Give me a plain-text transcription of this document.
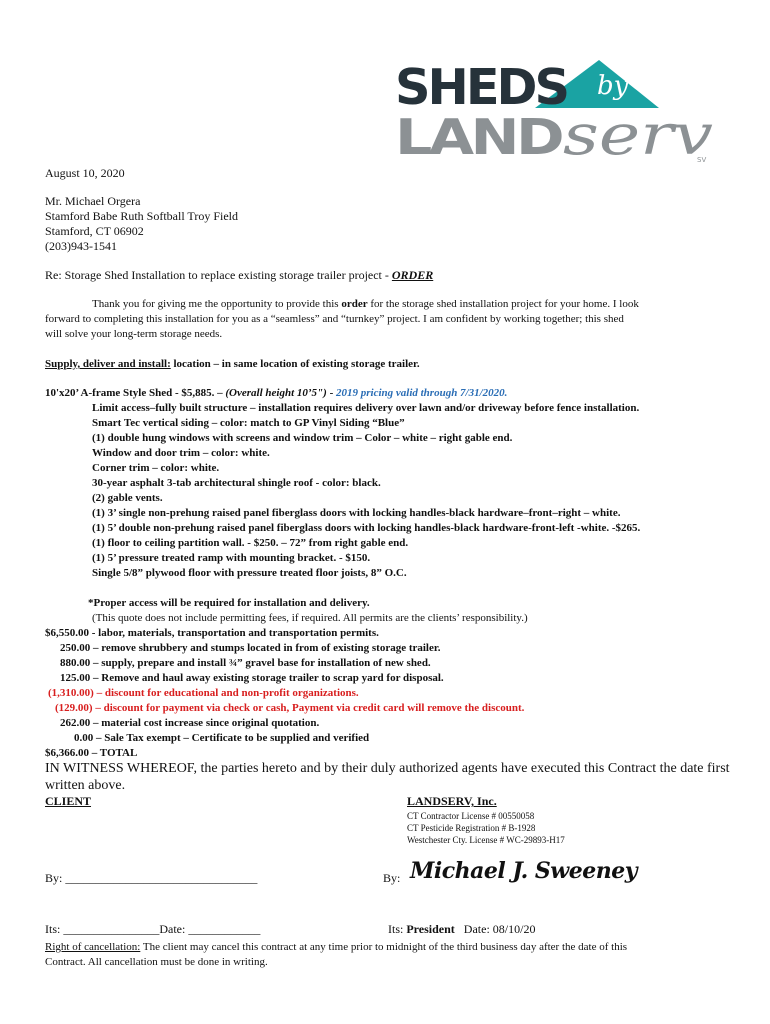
SHEDS by
LAND serv
SV
August 10, 2020
Mr. Michael Orgera
Stamford Babe Ruth Softball Troy Field
Stamford, CT 06902
(203)943-1541
Re: Storage Shed Installation to replace existing storage trailer project - ORDER
Thank you for giving me the opportunity to provide this order for the storage shed installation project for your home. I look
forward to completing this installation for you as a “seamless” and “turnkey” project. I am confident by working together; this shed
will solve your long-term storage needs.
Supply, deliver and install: location – in same location of existing storage trailer.
10'x20’ A-frame Style Shed - $5,885. – (Overall height 10’5") - 2019 pricing valid through 7/31/2020.
Limit access–fully built structure – installation requires delivery over lawn and/or driveway before fence installation.
Smart Tec vertical siding – color: match to GP Vinyl Siding “Blue”
(1) double hung windows with screens and window trim – Color – white – right gable end.
Window and door trim – color: white.
Corner trim – color: white.
30-year asphalt 3-tab architectural shingle roof - color: black.
(2) gable vents.
(1) 3’ single non-prehung raised panel fiberglass doors with locking handles-black hardware–front–right – white.
(1) 5’ double non-prehung raised panel fiberglass doors with locking handles-black hardware-front-left -white. -$265.
(1) floor to ceiling partition wall. - $250. – 72” from right gable end.
(1) 5’ pressure treated ramp with mounting bracket. - $150.
Single 5/8” plywood floor with pressure treated floor joists, 8” O.C.
*Proper access will be required for installation and delivery.
(This quote does not include permitting fees, if required. All permits are the clients’ responsibility.)
$6,550.00 - labor, materials, transportation and transportation permits.
250.00 – remove shrubbery and stumps located in from of existing storage trailer.
880.00 – supply, prepare and install ¾” gravel base for installation of new shed.
125.00 – Remove and haul away existing storage trailer to scrap yard for disposal.
(1,310.00) – discount for educational and non-profit organizations.
(129.00) – discount for payment via check or cash, Payment via credit card will remove the discount.
262.00 – material cost increase since original quotation.
0.00 – Sale Tax exempt – Certificate to be supplied and verified
$6,366.00 – TOTAL
IN WITNESS WHEREOF, the parties hereto and by their duly authorized agents have executed this Contract the date first
written above.
CLIENT	LANDSERV, Inc.
CT Contractor License # 00550058
CT Pesticide Registration # B-1928
Westchester Cty. License # WC-29893-H17
By: ________________________________	By: Michael J. Sweeney
Its: ________________Date: ____________	Its: President   Date: 08/10/20
Right of cancellation: The client may cancel this contract at any time prior to midnight of the third business day after the date of this
Contract. All cancellation must be done in writing.
